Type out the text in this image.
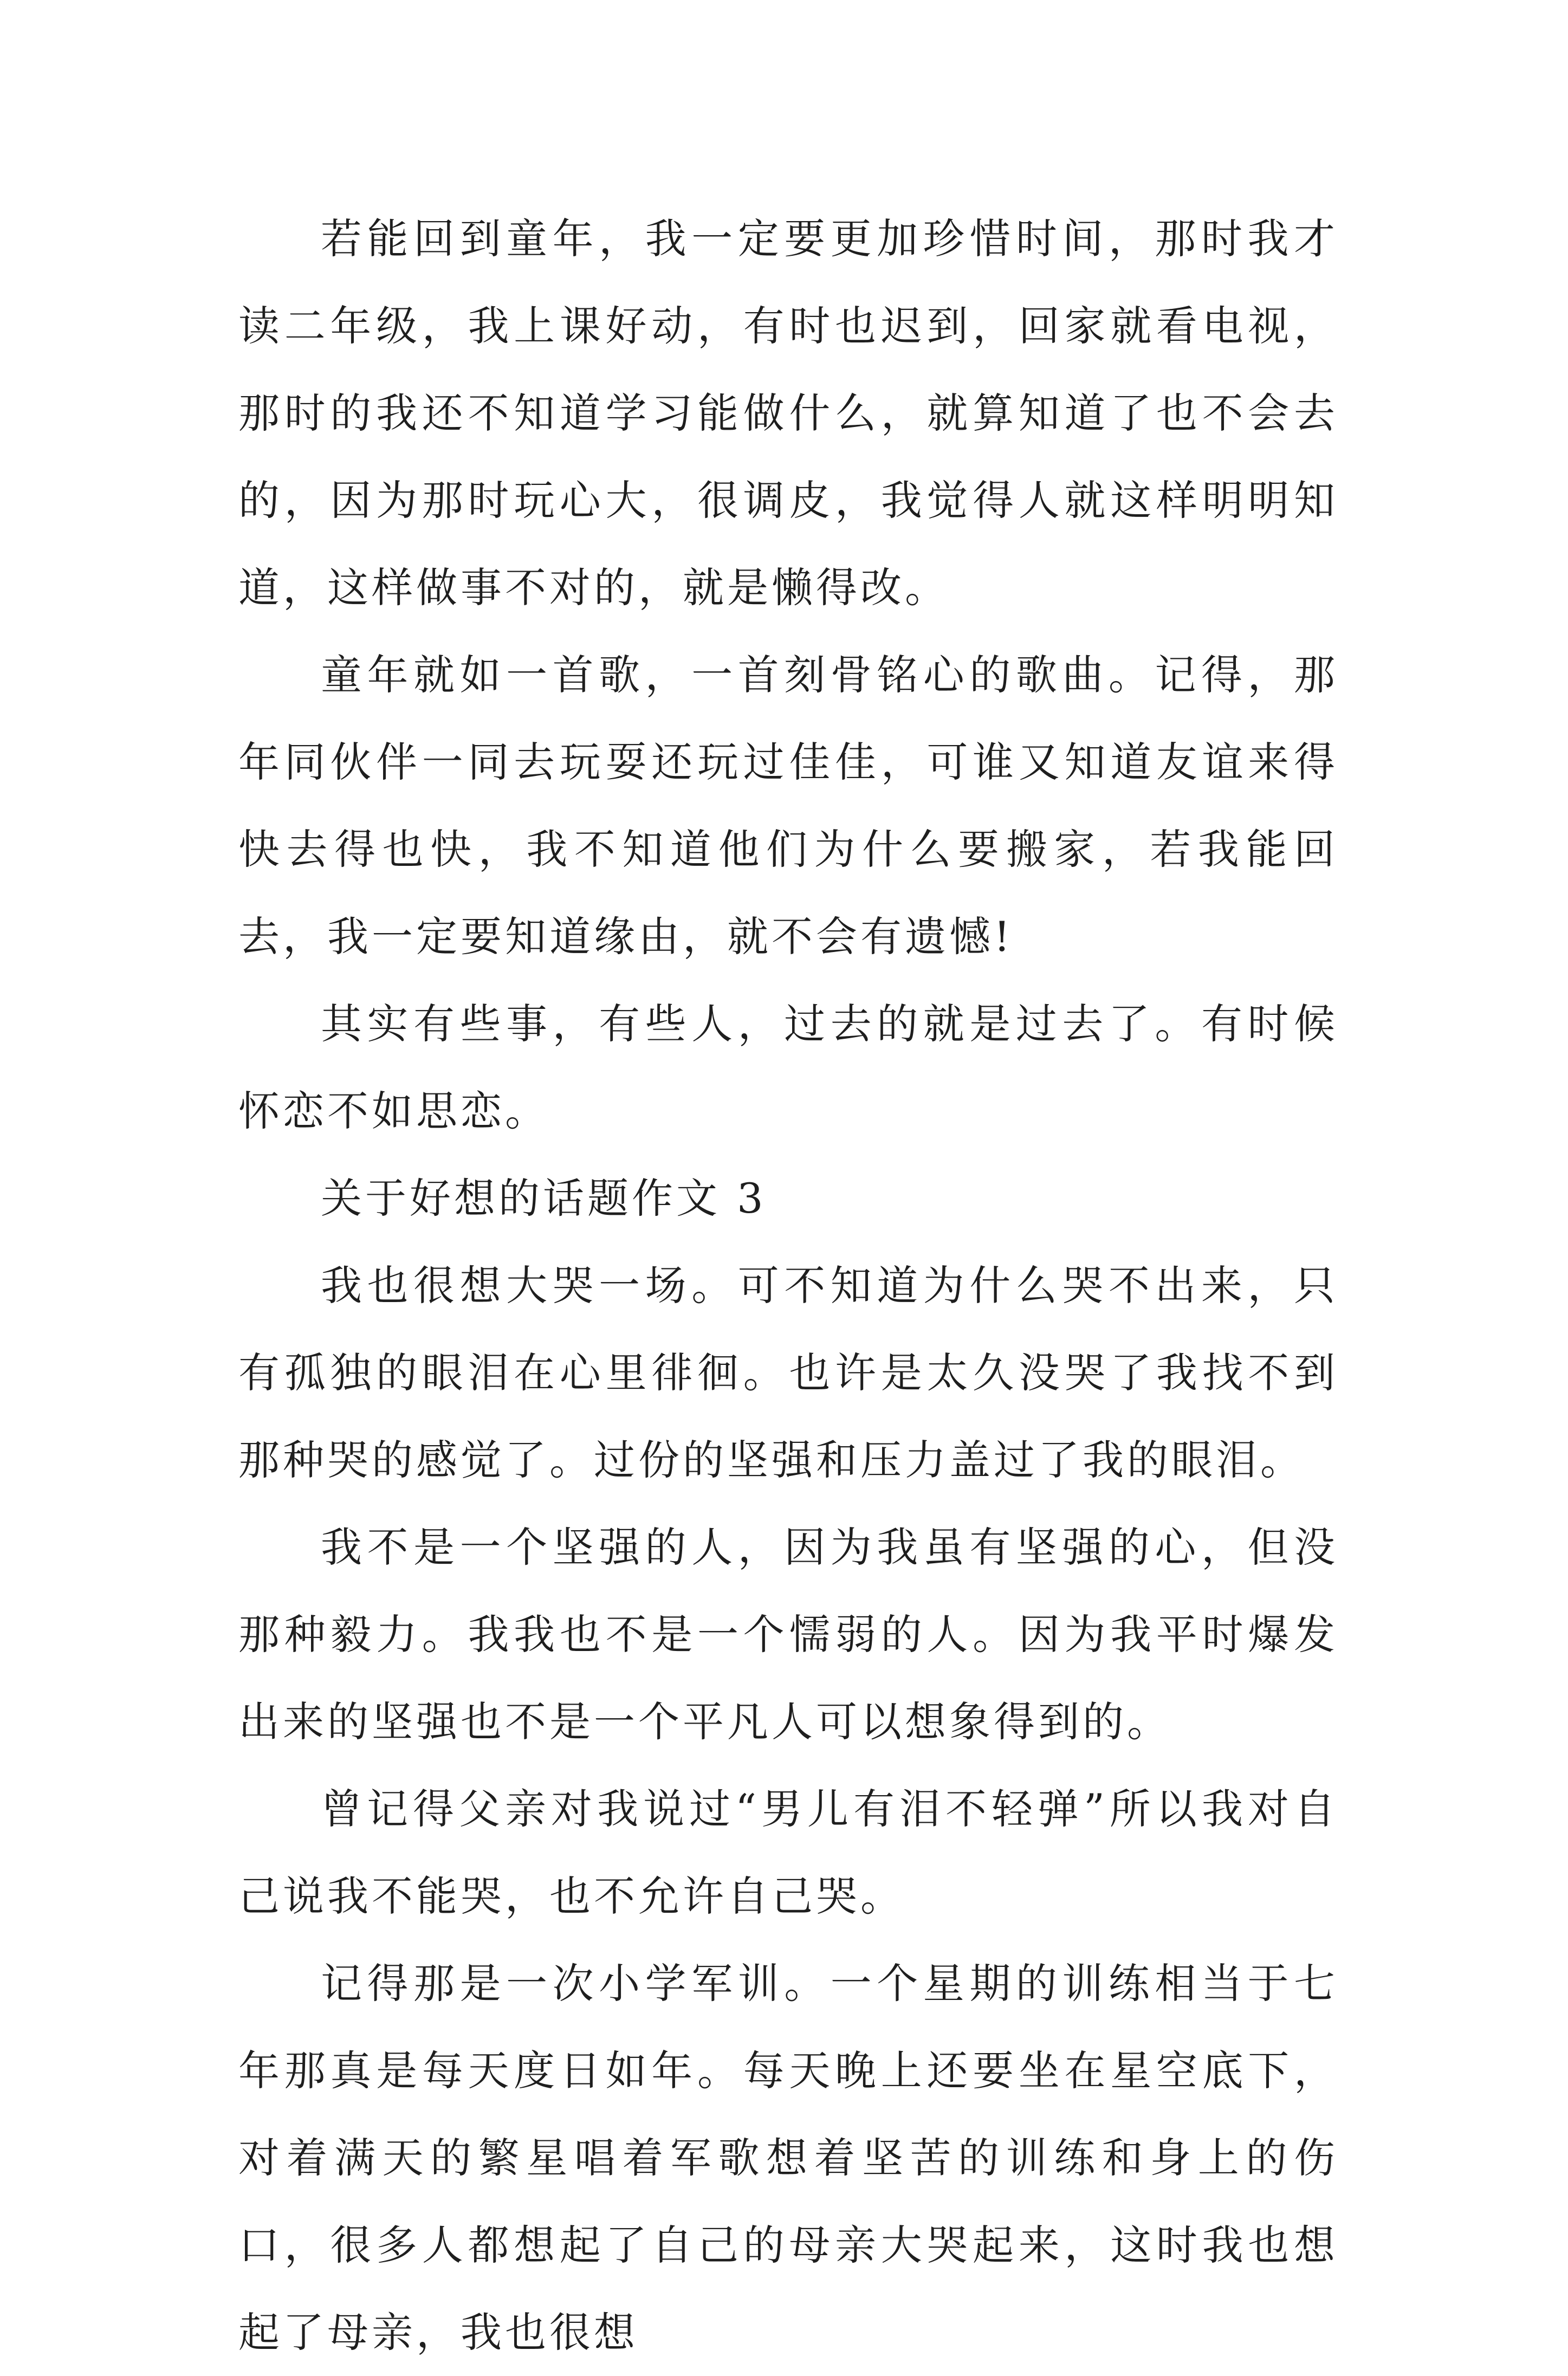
若能回到童年，我一定要更加珍惜时间，那时我才读二年级，我上课好动，有时也迟到，回家就看电视，那时的我还不知道学习能做什么，就算知道了也不会去的，因为那时玩心大，很调皮，我觉得人就这样明明知道，这样做事不对的，就是懒得改。

童年就如一首歌，一首刻骨铭心的歌曲。记得，那年同伙伴一同去玩耍还玩过佳佳，可谁又知道友谊来得快去得也快，我不知道他们为什么要搬家，若我能回去，我一定要知道缘由，就不会有遗憾!

其实有些事，有些人，过去的就是过去了。有时候怀恋不如思恋。

关于好想的话题作文 3

我也很想大哭一场。可不知道为什么哭不出来，只有孤独的眼泪在心里徘徊。也许是太久没哭了我找不到那种哭的感觉了。过份的坚强和压力盖过了我的眼泪。

我不是一个坚强的人，因为我虽有坚强的心，但没那种毅力。我我也不是一个懦弱的人。因为我平时爆发出来的坚强也不是一个平凡人可以想象得到的。

曾记得父亲对我说过“男儿有泪不轻弹”所以我对自己说我不能哭，也不允许自己哭。

记得那是一次小学军训。一个星期的训练相当于七年那真是每天度日如年。每天晚上还要坐在星空底下，对着满天的繁星唱着军歌想着坚苦的训练和身上的伤口，很多人都想起了自己的母亲大哭起来，这时我也想起了母亲，我也很想
